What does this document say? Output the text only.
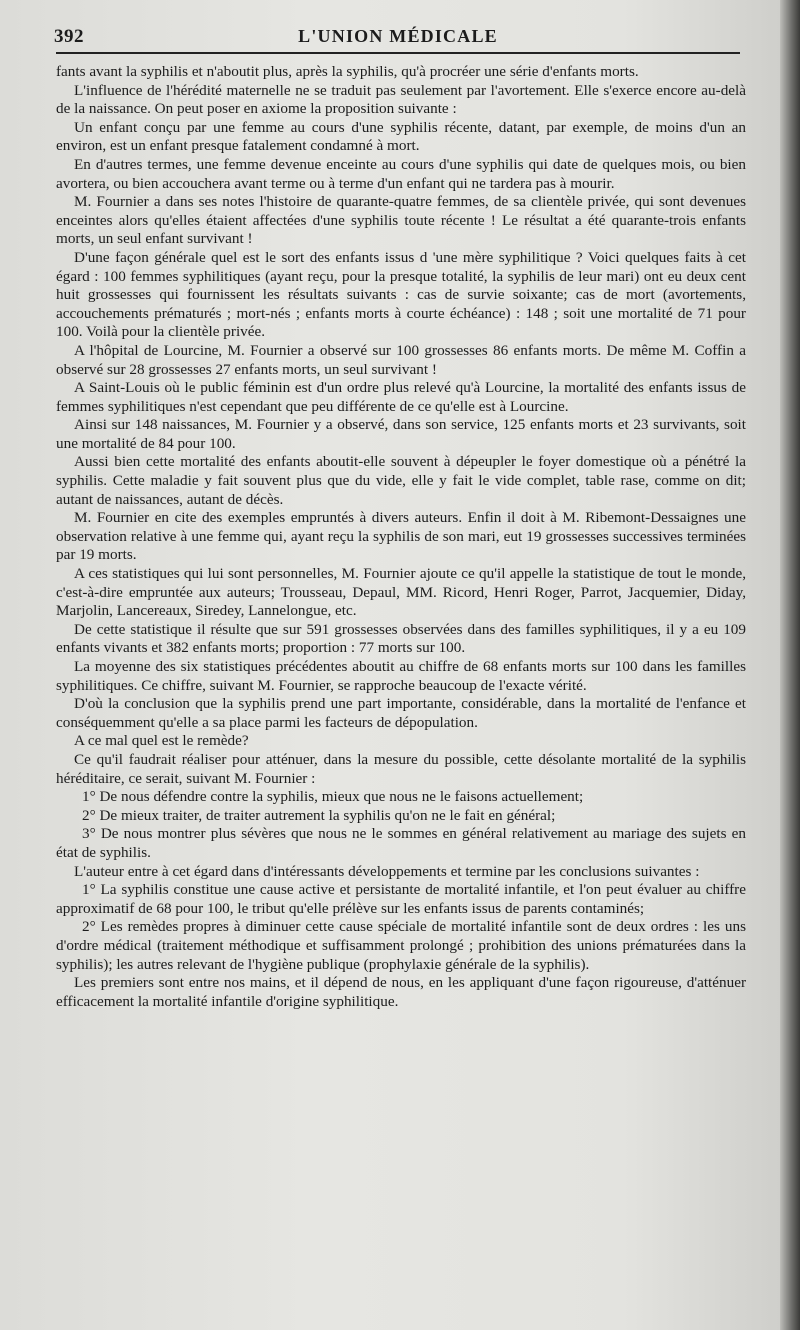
392	L'UNION MÉDICALE

fants avant la syphilis et n'aboutit plus, après la syphilis, qu'à procréer une série d'enfants morts.

L'influence de l'hérédité maternelle ne se traduit pas seulement par l'avortement. Elle s'exerce encore au-delà de la naissance. On peut poser en axiome la proposition suivante :

Un enfant conçu par une femme au cours d'une syphilis récente, datant, par exemple, de moins d'un an environ, est un enfant presque fatalement condamné à mort.

En d'autres termes, une femme devenue enceinte au cours d'une syphilis qui date de quelques mois, ou bien avortera, ou bien accouchera avant terme ou à terme d'un enfant qui ne tardera pas à mourir.

M. Fournier a dans ses notes l'histoire de quarante-quatre femmes, de sa clientèle privée, qui sont devenues enceintes alors qu'elles étaient affectées d'une syphilis toute récente ! Le résultat a été quarante-trois enfants morts, un seul enfant survivant !

D'une façon générale quel est le sort des enfants issus d 'une mère syphilitique ? Voici quelques faits à cet égard : 100 femmes syphilitiques (ayant reçu, pour la presque totalité, la syphilis de leur mari) ont eu deux cent huit grossesses qui fournissent les résultats suivants : cas de survie soixante; cas de mort (avortements, accouchements prématurés ; mort-nés ; enfants morts à courte échéance) : 148 ; soit une mortalité de 71 pour 100. Voilà pour la clientèle privée.

A l'hôpital de Lourcine, M. Fournier a observé sur 100 grossesses 86 enfants morts. De même M. Coffin a observé sur 28 grossesses 27 enfants morts, un seul survivant !

A Saint-Louis où le public féminin est d'un ordre plus relevé qu'à Lourcine, la mortalité des enfants issus de femmes syphilitiques n'est cependant que peu différente de ce qu'elle est à Lourcine.

Ainsi sur 148 naissances, M. Fournier y a observé, dans son service, 125 enfants morts et 23 survivants, soit une mortalité de 84 pour 100.

Aussi bien cette mortalité des enfants aboutit-elle souvent à dépeupler le foyer domestique où a pénétré la syphilis. Cette maladie y fait souvent plus que du vide, elle y fait le vide complet, table rase, comme on dit; autant de naissances, autant de décès.

M. Fournier en cite des exemples empruntés à divers auteurs. Enfin il doit à M. Ribemont-Dessaignes une observation relative à une femme qui, ayant reçu la syphilis de son mari, eut 19 grossesses successives terminées par 19 morts.

A ces statistiques qui lui sont personnelles, M. Fournier ajoute ce qu'il appelle la statistique de tout le monde, c'est-à-dire empruntée aux auteurs; Trousseau, Depaul, MM. Ricord, Henri Roger, Parrot, Jacquemier, Diday, Marjolin, Lancereaux, Siredey, Lannelongue, etc.

De cette statistique il résulte que sur 591 grossesses observées dans des familles syphilitiques, il y a eu 109 enfants vivants et 382 enfants morts; proportion : 77 morts sur 100.

La moyenne des six statistiques précédentes aboutit au chiffre de 68 enfants morts sur 100 dans les familles syphilitiques. Ce chiffre, suivant M. Fournier, se rapproche beaucoup de l'exacte vérité.

D'où la conclusion que la syphilis prend une part importante, considérable, dans la mortalité de l'enfance et conséquemment qu'elle a sa place parmi les facteurs de dépopulation.

A ce mal quel est le remède?

Ce qu'il faudrait réaliser pour atténuer, dans la mesure du possible, cette désolante mortalité de la syphilis héréditaire, ce serait, suivant M. Fournier :

1° De nous défendre contre la syphilis, mieux que nous ne le faisons actuellement;

2° De mieux traiter, de traiter autrement la syphilis qu'on ne le fait en général;

3° De nous montrer plus sévères que nous ne le sommes en général relativement au mariage des sujets en état de syphilis.

L'auteur entre à cet égard dans d'intéressants développements et termine par les conclusions suivantes :

1° La syphilis constitue une cause active et persistante de mortalité infantile, et l'on peut évaluer au chiffre approximatif de 68 pour 100, le tribut qu'elle prélève sur les enfants issus de parents contaminés;

2° Les remèdes propres à diminuer cette cause spéciale de mortalité infantile sont de deux ordres : les uns d'ordre médical (traitement méthodique et suffisamment prolongé ; prohibition des unions prématurées dans la syphilis); les autres relevant de l'hygiène publique (prophylaxie générale de la syphilis).

Les premiers sont entre nos mains, et il dépend de nous, en les appliquant d'une façon rigoureuse, d'atténuer efficacement la mortalité infantile d'origine syphilitique.
